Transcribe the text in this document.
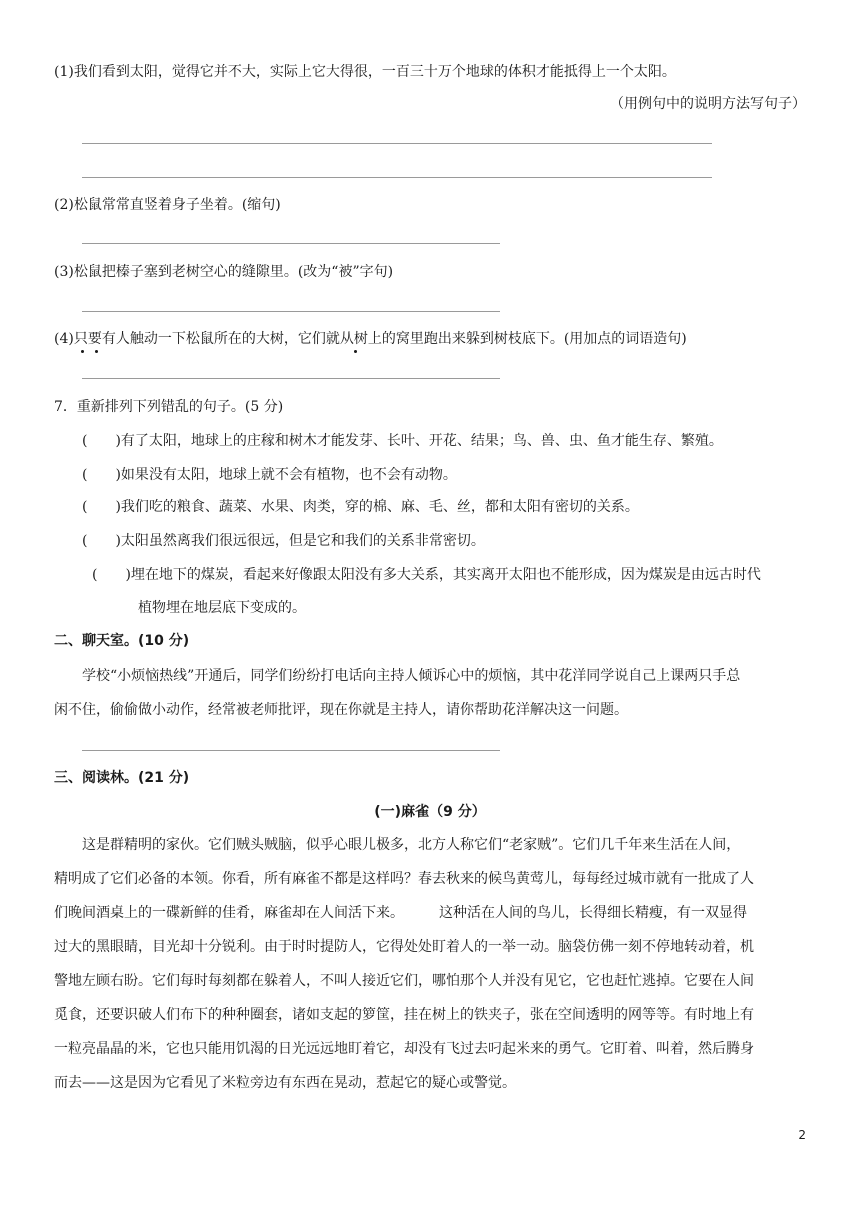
(1)我们看到太阳，觉得它并不大，实际上它大得很，一百三十万个地球的体积才能抵得上一个太阳。
（用例句中的说明方法写句子）
(2)松鼠常常直竖着身子坐着。(缩句)
(3)松鼠把榛子塞到老树空心的缝隙里。(改为“被”字句)
(4)只要有人触动一下松鼠所在的大树，它们就从树上的窝里跑出来躲到树枝底下。(用加点的词语造句)
7．重新排列下列错乱的句子。(5 分)
(　　)有了太阳，地球上的庄稼和树木才能发芽、长叶、开花、结果；鸟、兽、虫、鱼才能生存、繁殖。
(　　)如果没有太阳，地球上就不会有植物，也不会有动物。
(　　)我们吃的粮食、蔬菜、水果、肉类，穿的棉、麻、毛、丝，都和太阳有密切的关系。
(　　)太阳虽然离我们很远很远，但是它和我们的关系非常密切。
(　　)埋在地下的煤炭，看起来好像跟太阳没有多大关系，其实离开太阳也不能形成，因为煤炭是由远古时代
植物埋在地层底下变成的。
二、聊天室。(10 分)
学校“小烦恼热线”开通后，同学们纷纷打电话向主持人倾诉心中的烦恼，其中花洋同学说自己上课两只手总
闲不住，偷偷做小动作，经常被老师批评，现在你就是主持人，请你帮助花洋解决这一问题。
三、阅读林。(21 分)
(一)麻雀（9 分）
　　这是群精明的家伙。它们贼头贼脑，似乎心眼儿极多，北方人称它们“老家贼”。它们几千年来生活在人间，
精明成了它们必备的本领。你看，所有麻雀不都是这样吗？春去秋来的候鸟黄莺儿，每每经过城市就有一批成了人
们晚间酒桌上的一碟新鲜的佳肴，麻雀却在人间活下来。　　　这种活在人间的鸟儿，长得细长精瘦，有一双显得
过大的黑眼睛，目光却十分锐利。由于时时提防人，它得处处盯着人的一举一动。脑袋仿佛一刻不停地转动着，机
警地左顾右盼。它们每时每刻都在躲着人，不叫人接近它们，哪怕那个人并没有见它，它也赶忙逃掉。它要在人间
觅食，还要识破人们布下的种种圈套，诸如支起的箩筐，挂在树上的铁夹子，张在空间透明的网等等。有时地上有
一粒亮晶晶的米，它也只能用饥渴的日光远远地盯着它，却没有飞过去叼起米来的勇气。它盯着、叫着，然后腾身
而去——这是因为它看见了米粒旁边有东西在晃动，惹起它的疑心或警觉。
2
